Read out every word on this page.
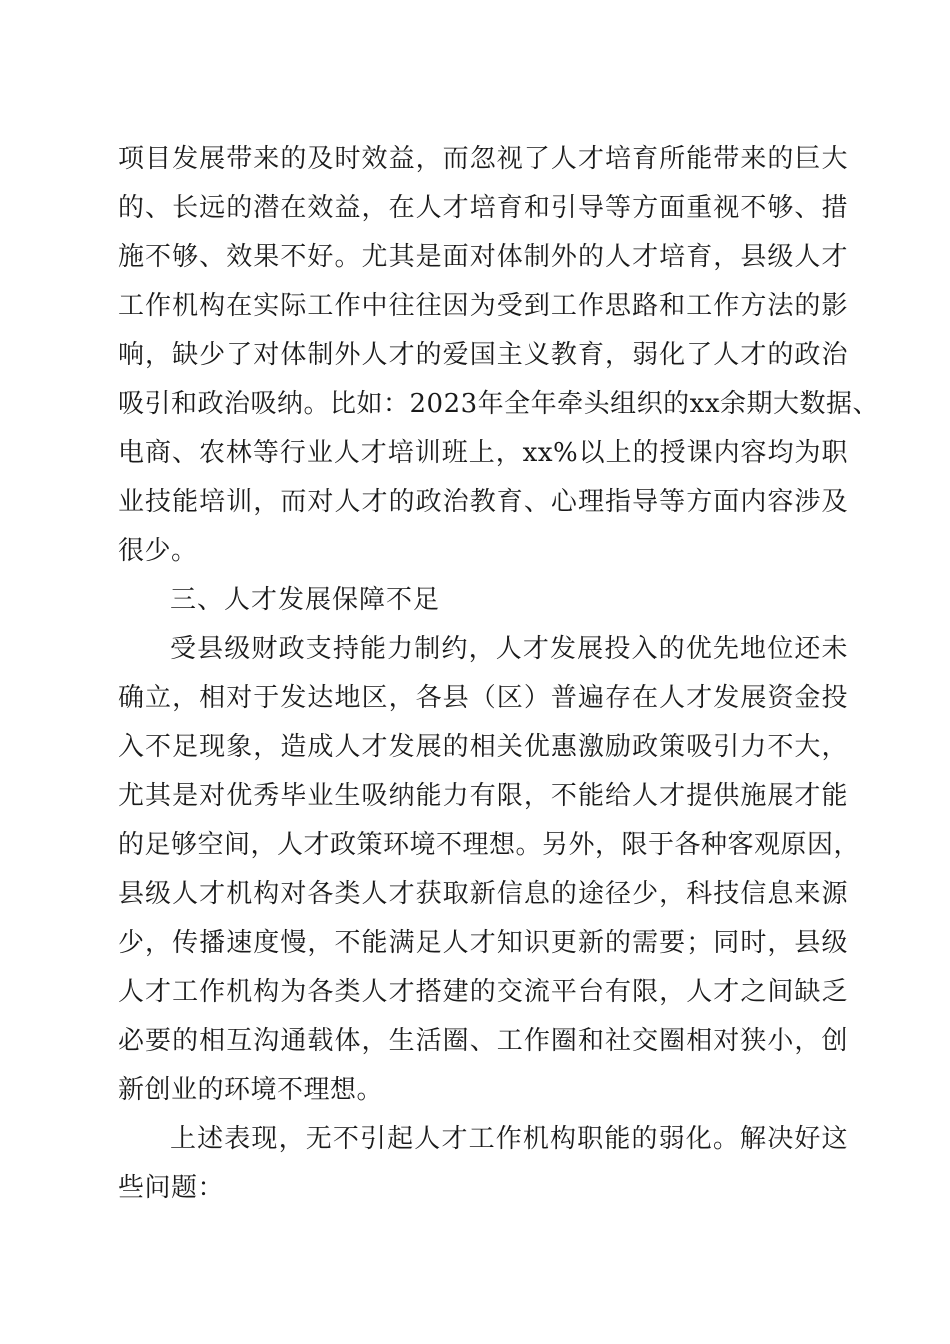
项目发展带来的及时效益，而忽视了人才培育所能带来的巨大
的、长远的潜在效益，在人才培育和引导等方面重视不够、措
施不够、效果不好。尤其是面对体制外的人才培育，县级人才
工作机构在实际工作中往往因为受到工作思路和工作方法的影
响，缺少了对体制外人才的爱国主义教育，弱化了人才的政治
吸引和政治吸纳。比如：2023年全年牵头组织的xx余期大数据、
电商、农林等行业人才培训班上，xx%以上的授课内容均为职
业技能培训，而对人才的政治教育、心理指导等方面内容涉及
很少。
三、人才发展保障不足
受县级财政支持能力制约，人才发展投入的优先地位还未
确立，相对于发达地区，各县（区）普遍存在人才发展资金投
入不足现象，造成人才发展的相关优惠激励政策吸引力不大，
尤其是对优秀毕业生吸纳能力有限，不能给人才提供施展才能
的足够空间，人才政策环境不理想。另外，限于各种客观原因，
县级人才机构对各类人才获取新信息的途径少，科技信息来源
少，传播速度慢，不能满足人才知识更新的需要；同时，县级
人才工作机构为各类人才搭建的交流平台有限，人才之间缺乏
必要的相互沟通载体，生活圈、工作圈和社交圈相对狭小，创
新创业的环境不理想。
上述表现，无不引起人才工作机构职能的弱化。解决好这
些问题：
